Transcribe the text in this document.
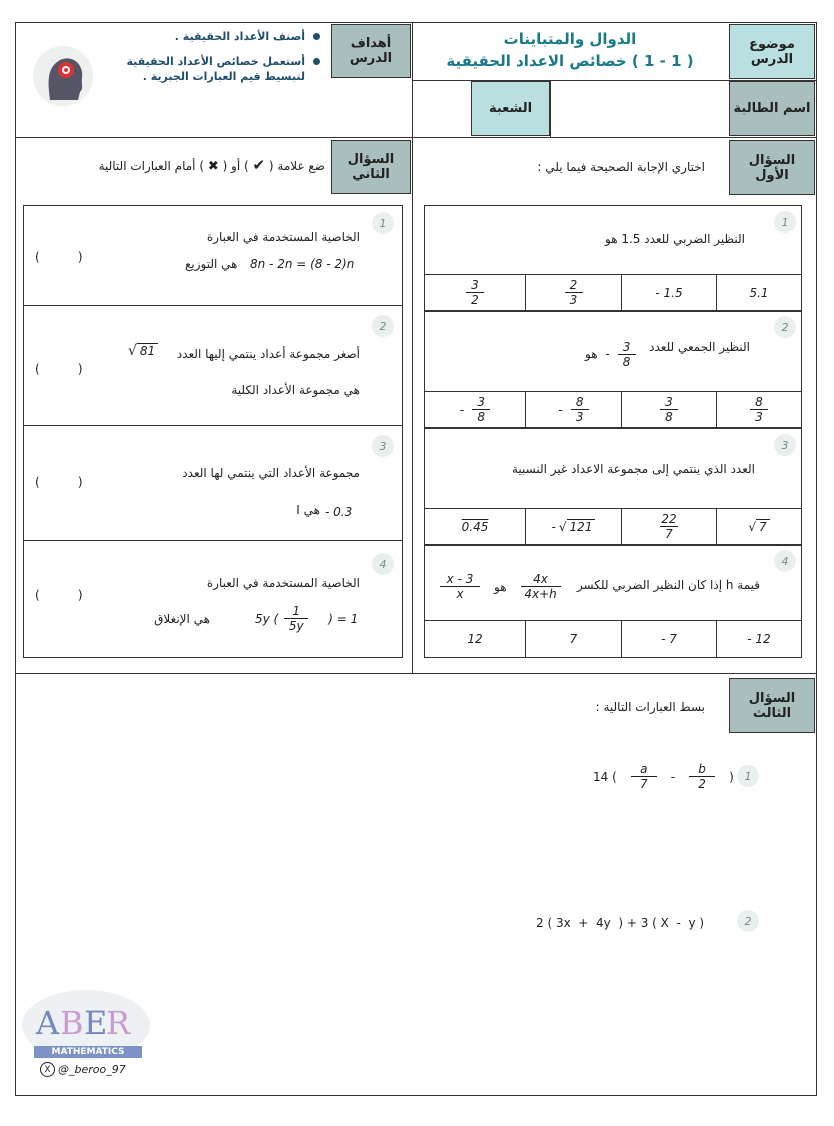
موضوع الدرس
الدوال والمتباينات
( 1 - 1 ) خصائص الاعداد الحقيقية
اسم الطالبة
الشعبة
أهداف الدرس
أصنف الأعداد الحقيقية .
أستعمل خصائص الأعداد الحقيقية
لتبسيط قيم العبارات الجبرية .
السؤال
الأول
اختاري الإجابة الصحيحة فيما يلي :
1
النظير الضربي للعدد 1.5 هو
5.1
- 1.5
$\frac{2}{3}$
$\frac{3}{2}$
2
النظير الجمعي للعدد
هو - $\frac{3}{8}$
$\frac{8}{3}$
$\frac{3}{8}$
- $\frac{8}{3}$
- $\frac{3}{8}$
3
العدد الذي ينتمي إلى مجموعة الاعداد غير النسبية
√ 7
$\frac{22}{7}$
- √ 121
0.45
4
قيمة h إذا كان النظير الضربي للكسر
$\frac{x - 3}{x}$ هو $\frac{4x}{4x+h}$
- 12
- 7
7
12
السؤال
الثاني
ضع علامة ( ✔ ) أو ( ✖ ) أمام العبارات التالية
1
الخاصية المستخدمة في العبارة
هي التوزيع	8n - 2n = (8 - 2)n
(          )
2
أصغر مجموعة أعداد ينتمي إليها العدد
√ 81
هي مجموعة الأعداد الكلية
(          )
3
مجموعة الأعداد التي ينتمي لها العدد
- 0.3
هي I
(          )
4
الخاصية المستخدمة في العبارة
5y ( $\frac{1}{5y}$ ) = 1
هي الإنغلاق
(          )
السؤال
الثالث
بسط العبارات التالية :
1
14 ( $\frac{a}{7} - \frac{b}{2}$ )
2
2 ( 3x  +  4y  ) + 3 ( X  -  y )
A B E R
MATHEMATICS
X @_beroo_97
